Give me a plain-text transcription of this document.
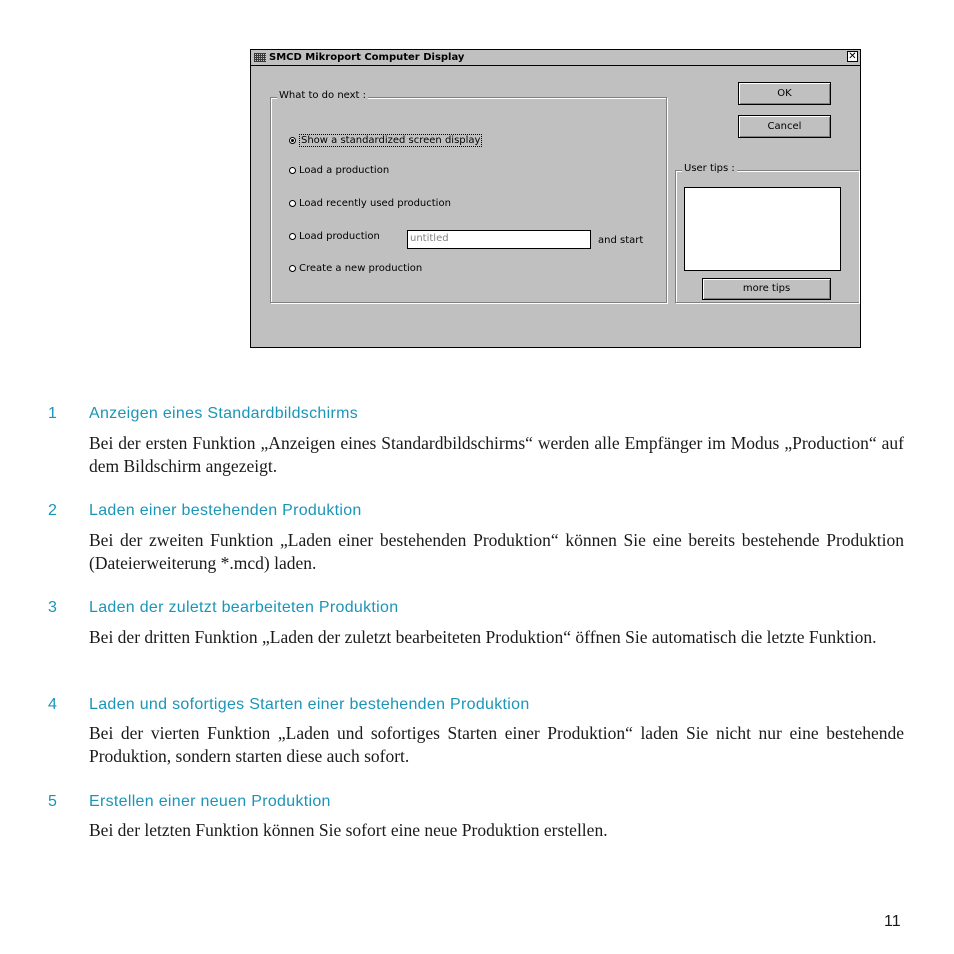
SMCD Mikroport Computer Display	✕
What to do next :
Show a standardized screen display
Load a production
Load recently used production
Load production	untitled	and start
Create a new production
OK
Cancel
User tips :
more tips
1 Anzeigen eines Standardbildschirms

Bei der ersten Funktion „Anzeigen eines Standardbildschirms“ werden alle Empfänger im Modus „Production“ auf dem Bildschirm angezeigt.

2 Laden einer bestehenden Produktion

Bei der zweiten Funktion „Laden einer bestehenden Produktion“ können Sie eine bereits bestehende Produktion (Dateierweiterung *.mcd) laden.

3 Laden der zuletzt bearbeiteten Produktion

Bei der dritten Funktion „Laden der zuletzt bearbeiteten Produktion“ öffnen Sie automatisch die letzte Funktion.

4 Laden und sofortiges Starten einer bestehenden Produktion

Bei der vierten Funktion „Laden und sofortiges Starten einer Produktion“ laden Sie nicht nur eine bestehende Produktion, sondern starten diese auch sofort.

5 Erstellen einer neuen Produktion

Bei der letzten Funktion können Sie sofort eine neue Produktion erstellen.

11
